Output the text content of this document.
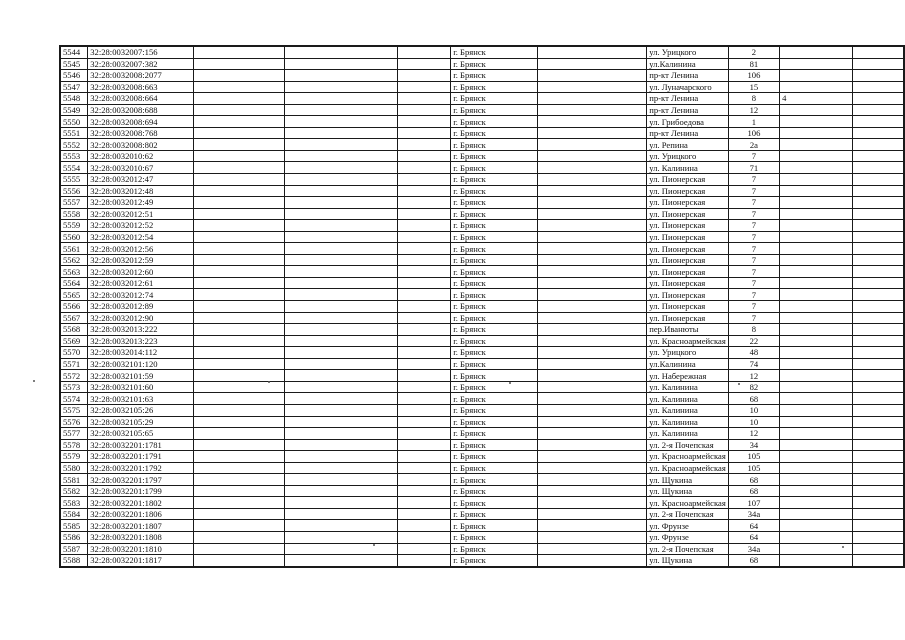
5544	32:28:0032007:156				г. Брянск		ул. Урицкого	2		
5545	32:28:0032007:382				г. Брянск		ул.Калинина	81		
5546	32:28:0032008:2077				г. Брянск		пр-кт Ленина	106		
5547	32:28:0032008:663				г. Брянск		ул. Луначарского	15		
5548	32:28:0032008:664				г. Брянск		пр-кт Ленина	8	4	
5549	32:28:0032008:688				г. Брянск		пр-кт Ленина	12		
5550	32:28:0032008:694				г. Брянск		ул. Грибоедова	1		
5551	32:28:0032008:768				г. Брянск		пр-кт Ленина	106		
5552	32:28:0032008:802				г. Брянск		ул. Репина	2а		
5553	32:28:0032010:62				г. Брянск		ул. Урицкого	7		
5554	32:28:0032010:67				г. Брянск		ул. Калинина	71		
5555	32:28:0032012:47				г. Брянск		ул. Пионерская	7		
5556	32:28:0032012:48				г. Брянск		ул. Пионерская	7		
5557	32:28:0032012:49				г. Брянск		ул. Пионерская	7		
5558	32:28:0032012:51				г. Брянск		ул. Пионерская	7		
5559	32:28:0032012:52				г. Брянск		ул. Пионерская	7		
5560	32:28:0032012:54				г. Брянск		ул. Пионерская	7		
5561	32:28:0032012:56				г. Брянск		ул. Пионерская	7		
5562	32:28:0032012:59				г. Брянск		ул. Пионерская	7		
5563	32:28:0032012:60				г. Брянск		ул. Пионерская	7		
5564	32:28:0032012:61				г. Брянск		ул. Пионерская	7		
5565	32:28:0032012:74				г. Брянск		ул. Пионерская	7		
5566	32:28:0032012:89				г. Брянск		ул. Пионерская	7		
5567	32:28:0032012:90				г. Брянск		ул. Пионерская	7		
5568	32:28:0032013:222				г. Брянск		пер.Иванюты	8		
5569	32:28:0032013:223				г. Брянск		ул. Красноармейская	22		
5570	32:28:0032014:112				г. Брянск		ул. Урицкого	48		
5571	32:28:0032101:120				г. Брянск		ул.Калинина	74		
5572	32:28:0032101:59				г. Брянск		ул. Набережная	12		
5573	32:28:0032101:60				г. Брянск		ул. Калинина	82		
5574	32:28:0032101:63				г. Брянск		ул. Калинина	68		
5575	32:28:0032105:26				г. Брянск		ул. Калинина	10		
5576	32:28:0032105:29				г. Брянск		ул. Калинина	10		
5577	32:28:0032105:65				г. Брянск		ул. Калинина	12		
5578	32:28:0032201:1781				г. Брянск		ул. 2-я Почепская	34		
5579	32:28:0032201:1791				г. Брянск		ул. Красноармейская	105		
5580	32:28:0032201:1792				г. Брянск		ул. Красноармейская	105		
5581	32:28:0032201:1797				г. Брянск		ул. Щукина	68		
5582	32:28:0032201:1799				г. Брянск		ул. Щукина	68		
5583	32:28:0032201:1802				г. Брянск		ул. Красноармейская	107		
5584	32:28:0032201:1806				г. Брянск		ул. 2-я Почепская	34а		
5585	32:28:0032201:1807				г. Брянск		ул. Фрунзе	64		
5586	32:28:0032201:1808				г. Брянск		ул. Фрунзе	64		
5587	32:28:0032201:1810				г. Брянск		ул. 2-я Почепская	34а		
5588	32:28:0032201:1817				г. Брянск		ул. Щукина	68		
